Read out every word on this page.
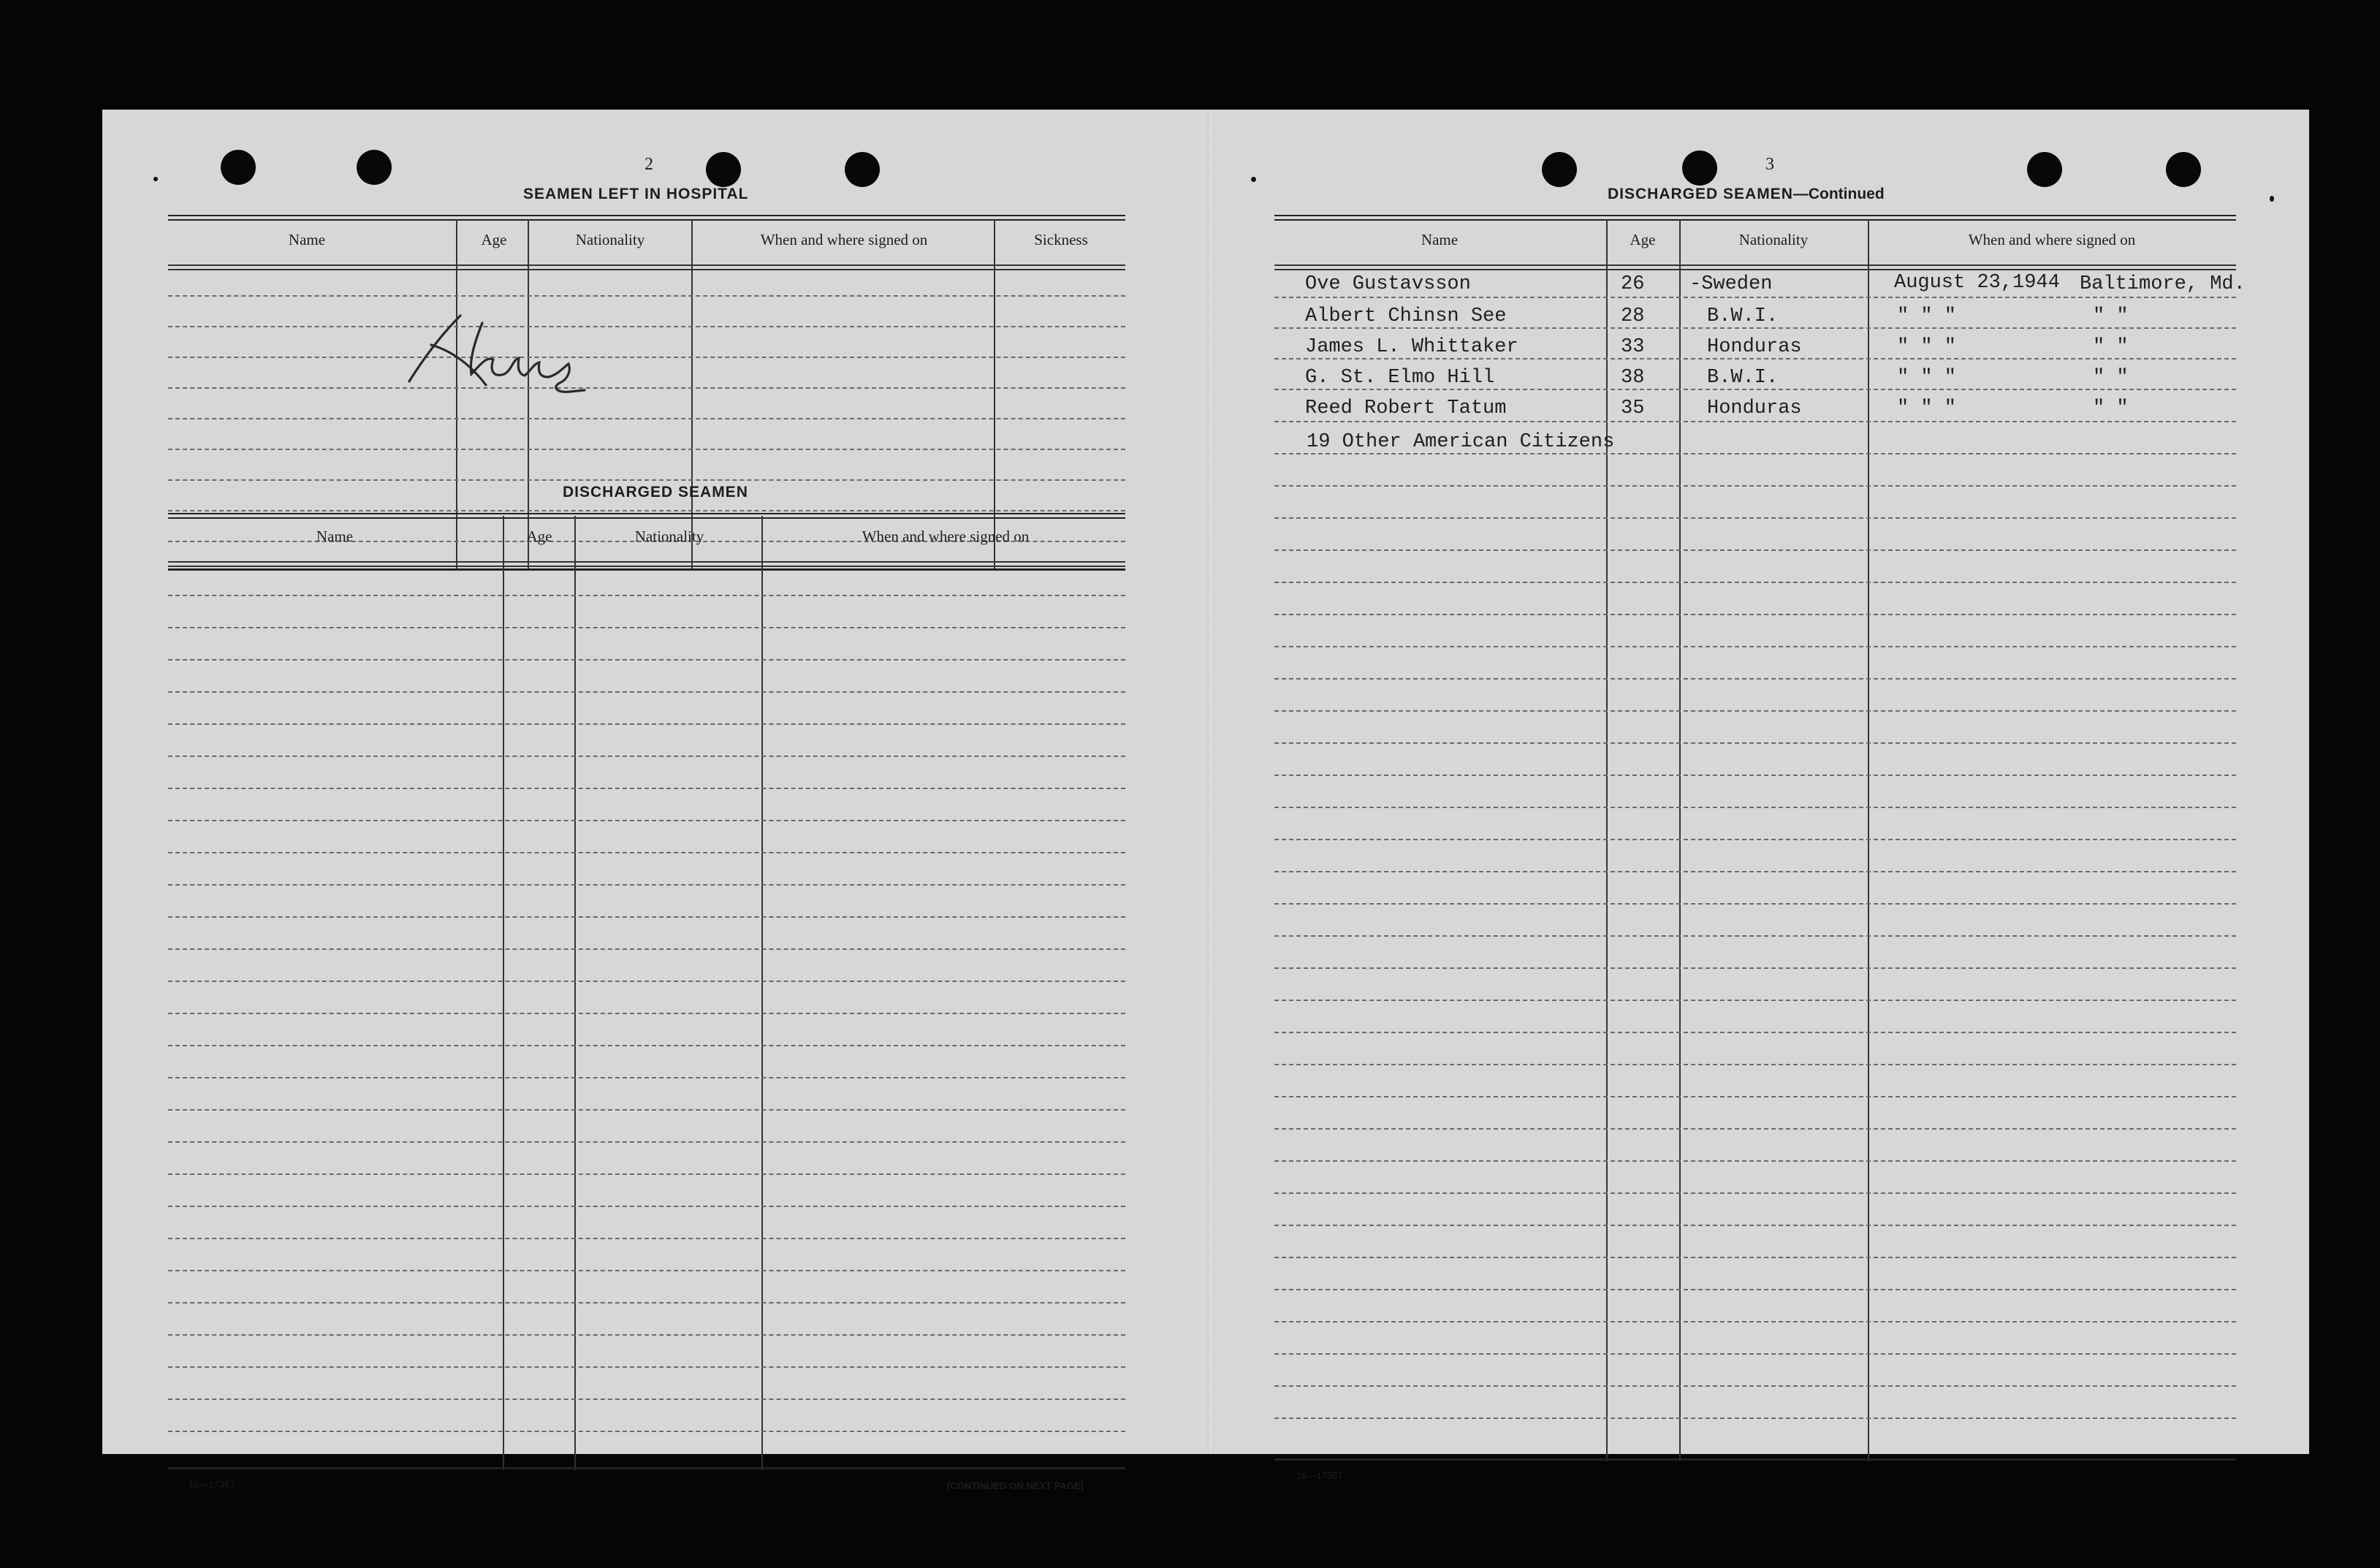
2
SEAMEN LEFT IN HOSPITAL
Name	Age	Nationality	When and where signed on	Sickness
DISCHARGED SEAMEN
Name	Age	Nationality	When and where signed on
16—17387	[CONTINUED ON NEXT PAGE]
3
DISCHARGED SEAMEN—Continued
Name	Age	Nationality	When and where signed on
Ove Gustavsson	26 -Sweden	August 23,1944 Baltimore, Md.
Albert Chinsn See	28	B.W.I.	" " "	" "
James L. Whittaker	33	Honduras	" " "	" "
G. St. Elmo Hill	38	B.W.I.	" " "	" "
Reed Robert Tatum	35	Honduras	" " "	" "
19 Other American Citizens
16—17387
